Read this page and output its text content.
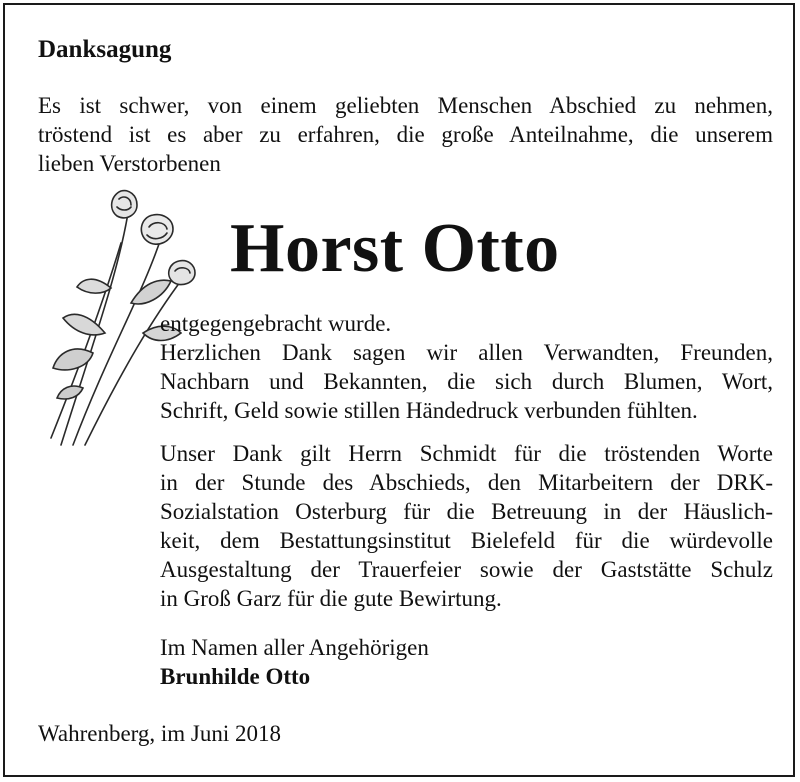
Danksagung

Es ist schwer, von einem geliebten Menschen Abschied zu nehmen,
tröstend ist es aber zu erfahren, die große Anteilnahme, die unserem
lieben Verstorbenen

Horst Otto

entgegengebracht wurde.
Herzlichen Dank sagen wir allen Verwandten, Freunden,
Nachbarn und Bekannten, die sich durch Blumen, Wort,
Schrift, Geld sowie stillen Händedruck verbunden fühlten.

Unser Dank gilt Herrn Schmidt für die tröstenden Worte
in der Stunde des Abschieds, den Mitarbeitern der DRK-
Sozialstation Osterburg für die Betreuung in der Häuslich-
keit, dem Bestattungsinstitut Bielefeld für die würdevolle
Ausgestaltung der Trauerfeier sowie der Gaststätte Schulz
in Groß Garz für die gute Bewirtung.

Im Namen aller Angehörigen
Brunhilde Otto

Wahrenberg, im Juni 2018
